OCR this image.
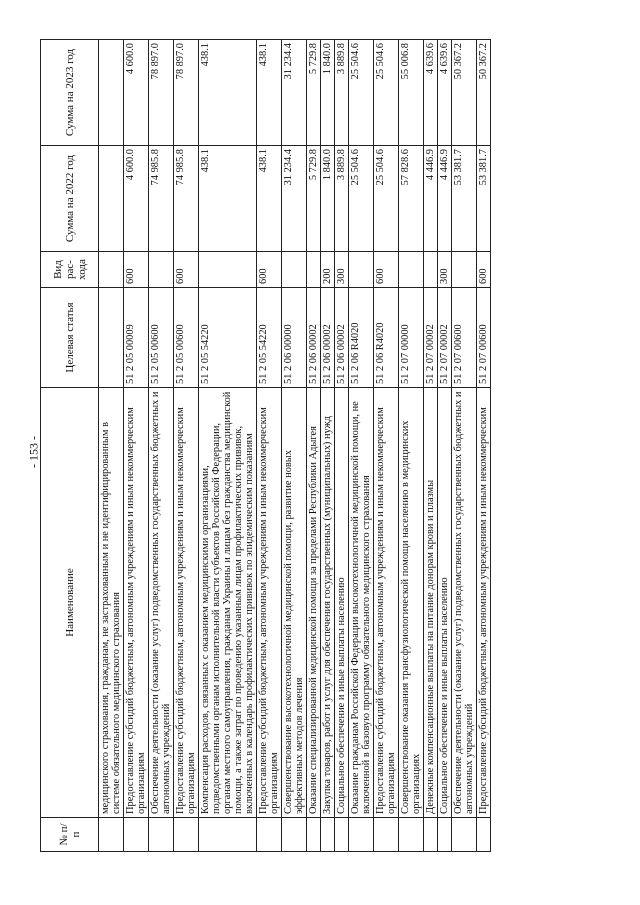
- 153 -
№ п/п	Наименование	Целевая статья	Вид рас-хода	Сумма на 2022 год	Сумма на 2023 год
	медицинского страхования, гражданам, не застрахованным и не идентифицированным в системе обязательного медицинского страхования				
	Предоставление субсидий бюджетным, автономным учреждениям и иным некоммерческим организациям	51 2 05 00009	600	4 600.0	4 600.0
	Обеспечение деятельности (оказание услуг) подведомственных государственных бюджетных и автономных учреждений	51 2 05 00600		74 985.8	78 897.0
	Предоставление субсидий бюджетным, автономным учреждениям и иным некоммерческим организациям	51 2 05 00600	600	74 985.8	78 897.0
	Компенсация расходов, связанных с оказанием медицинскими организациями, подведомственными органам исполнительной власти субъектов Российской Федерации, органам местного самоуправления, гражданам Украины и лицам без гражданства медицинской помощи, а также затрат по проведению указанным лицам профилактических прививок, включенных в календарь профилактических прививок по эпидемическим показаниям	51 2 05 54220		438.1	438.1
	Предоставление субсидий бюджетным, автономным учреждениям и иным некоммерческим организациям	51 2 05 54220	600	438.1	438.1
	Совершенствование высокотехнологичной медицинской помощи, развитие новых эффективных методов лечения	51 2 06 00000		31 234.4	31 234.4
	Оказание специализированной медицинской помощи за пределами Республики Адыгея	51 2 06 00002		5 729.8	5 729.8
	Закупка товаров, работ и услуг для обеспечения государственных (муниципальных) нужд	51 2 06 00002	200	1 840.0	1 840.0
	Социальное обеспечение и иные выплаты населению	51 2 06 00002	300	3 889.8	3 889.8
	Оказание гражданам Российской Федерации высокотехнологичной медицинской помощи, не включенной в базовую программу обязательного медицинского страхования	51 2 06 R4020		25 504.6	25 504.6
	Предоставление субсидий бюджетным, автономным учреждениям и иным некоммерческим организациям	51 2 06 R4020	600	25 504.6	25 504.6
	Совершенствование оказания трансфузиологической помощи населению в медицинских организациях	51 2 07 00000		57 828.6	55 006.8
	Денежные компенсационные выплаты на питание донорам крови и плазмы	51 2 07 00002		4 446.9	4 639.6
	Социальное обеспечение и иные выплаты населению	51 2 07 00002	300	4 446.9	4 639.6
	Обеспечение деятельности (оказание услуг) подведомственных государственных бюджетных и автономных учреждений	51 2 07 00600		53 381.7	50 367.2
	Предоставление субсидий бюджетным, автономным учреждениям и иным некоммерческим	51 2 07 00600	600	53 381.7	50 367.2
